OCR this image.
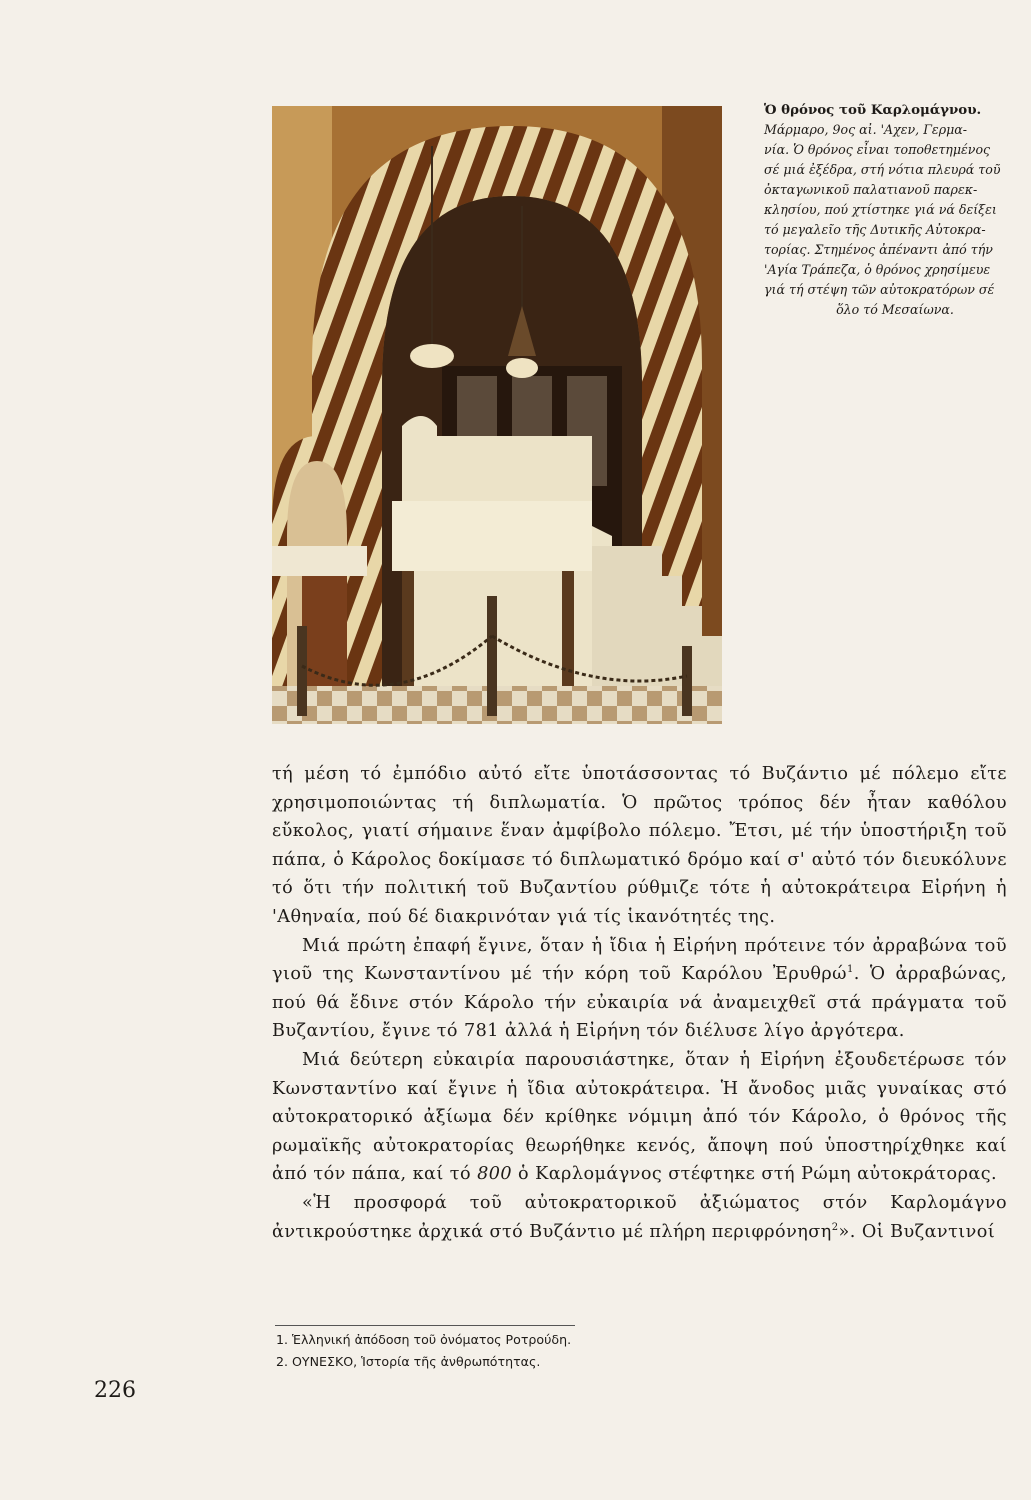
Ὁ θρόνος τοῦ Καρλομάγνου.
Μάρμαρο, 9ος αἰ. 'Αχεν, Γερμα-
νία. Ὁ θρόνος εἶναι τοποθετημένος
σέ μιά ἐξέδρα, στή νότια πλευρά τοῦ
ὀκταγωνικοῦ παλατιανοῦ παρεκ-
κλησίου, πού χτίστηκε γιά νά δείξει
τό μεγαλεῖο τῆς Δυτικῆς Αὐτοκρα-
τορίας. Στημένος ἀπέναντι ἀπό τήν
'Αγία Τράπεζα, ὁ θρόνος χρησίμευε
γιά τή στέψη τῶν αὐτοκρατόρων σέ
ὅλο τό Μεσαίωνα.

τή μέση τό ἐμπόδιο αὐτό εἴτε ὑποτάσσοντας τό Βυζάντιο μέ πόλεμο εἴτε χρησιμοποιώντας τή διπλωματία. Ὁ πρῶτος τρόπος δέν ἦταν καθόλου εὔκολος, γιατί σήμαινε ἕναν ἀμφίβολο πόλεμο. Ἔτσι, μέ τήν ὑποστήριξη τοῦ πάπα, ὁ Κάρολος δοκίμασε τό διπλωματικό δρόμο καί σ' αὐτό τόν διευκόλυνε τό ὅτι τήν πολιτική τοῦ Βυζαντίου ρύθμιζε τότε ἡ αὐτοκράτειρα Εἰρήνη ἡ 'Αθηναία, πού δέ διακρινόταν γιά τίς ἱκανότητές της.

Μιά πρώτη ἐπαφή ἔγινε, ὅταν ἡ ἴδια ἡ Εἰρήνη πρότεινε τόν ἀρραβώνα τοῦ γιοῦ της Κωνσταντίνου μέ τήν κόρη τοῦ Καρόλου Ἐρυθρώ$^1$. Ὁ ἀρραβώνας, πού θά ἔδινε στόν Κάρολο τήν εὐκαιρία νά ἀναμειχθεῖ στά πράγματα τοῦ Βυζαντίου, ἔγινε τό 781 ἀλλά ἡ Εἰρήνη τόν διέλυσε λίγο ἀργότερα.

Μιά δεύτερη εὐκαιρία παρουσιάστηκε, ὅταν ἡ Εἰρήνη ἐξουδετέρωσε τόν Κωνσταντίνο καί ἔγινε ἡ ἴδια αὐτοκράτειρα. Ἡ ἄνοδος μιᾶς γυναίκας στό αὐτοκρατορικό ἀξίωμα δέν κρίθηκε νόμιμη ἀπό τόν Κάρολο, ὁ θρόνος τῆς ρωμαϊκῆς αὐτοκρατορίας θεωρήθηκε κενός, ἄποψη πού ὑποστηρίχθηκε καί ἀπό τόν πάπα, καί τό 800 ὁ Καρλομάγνος στέφτηκε στή Ρώμη αὐτοκράτορας.

«Ἡ προσφορά τοῦ αὐτοκρατορικοῦ ἀξιώματος στόν Καρλομάγνο ἀντικρούστηκε ἀρχικά στό Βυζάντιο μέ πλήρη περιφρόνηση$^2$». Οἱ Βυζαντινοί

1. Ἑλληνική ἀπόδοση τοῦ ὀνόματος Ροτρούδη.
2. ΟΥΝΕΣΚΟ, Ἱστορία τῆς ἀνθρωπότητας.
226
